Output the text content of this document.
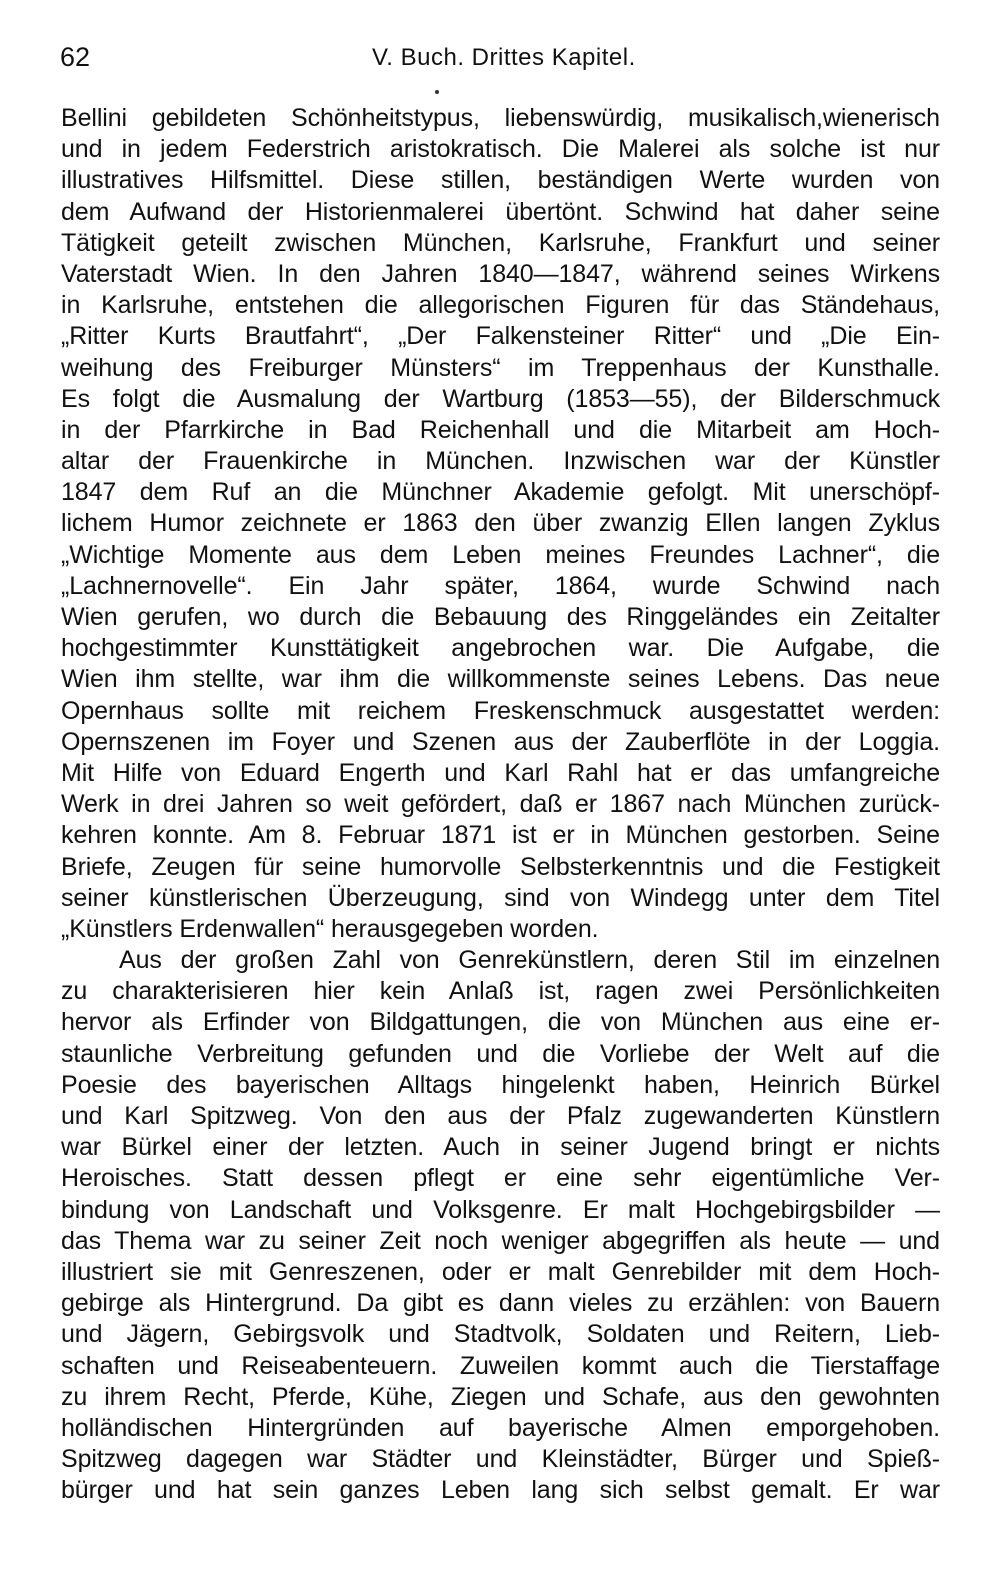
62	V. Buch. Drittes Kapitel.
Bellini gebildeten Schönheitstypus, liebenswürdig, musikalisch,wienerisch
und in jedem Federstrich aristokratisch. Die Malerei als solche ist nur
illustratives Hilfsmittel. Diese stillen, beständigen Werte wurden von
dem Aufwand der Historienmalerei übertönt. Schwind hat daher seine
Tätigkeit geteilt zwischen München, Karlsruhe, Frankfurt und seiner
Vaterstadt Wien. In den Jahren 1840—1847, während seines Wirkens
in Karlsruhe, entstehen die allegorischen Figuren für das Ständehaus,
„Ritter Kurts Brautfahrt“, „Der Falkensteiner Ritter“ und „Die Ein-
weihung des Freiburger Münsters“ im Treppenhaus der Kunsthalle.
Es folgt die Ausmalung der Wartburg (1853—55), der Bilderschmuck
in der Pfarrkirche in Bad Reichenhall und die Mitarbeit am Hoch-
altar der Frauenkirche in München. Inzwischen war der Künstler
1847 dem Ruf an die Münchner Akademie gefolgt. Mit unerschöpf-
lichem Humor zeichnete er 1863 den über zwanzig Ellen langen Zyklus
„Wichtige Momente aus dem Leben meines Freundes Lachner“, die
„Lachnernovelle“. Ein Jahr später, 1864, wurde Schwind nach
Wien gerufen, wo durch die Bebauung des Ringgeländes ein Zeitalter
hochgestimmter Kunsttätigkeit angebrochen war. Die Aufgabe, die
Wien ihm stellte, war ihm die willkommenste seines Lebens. Das neue
Opernhaus sollte mit reichem Freskenschmuck ausgestattet werden:
Opernszenen im Foyer und Szenen aus der Zauberflöte in der Loggia.
Mit Hilfe von Eduard Engerth und Karl Rahl hat er das umfangreiche
Werk in drei Jahren so weit gefördert, daß er 1867 nach München zurück-
kehren konnte. Am 8. Februar 1871 ist er in München gestorben. Seine
Briefe, Zeugen für seine humorvolle Selbsterkenntnis und die Festigkeit
seiner künstlerischen Überzeugung, sind von Windegg unter dem Titel
„Künstlers Erdenwallen“ herausgegeben worden.
Aus der großen Zahl von Genrekünstlern, deren Stil im einzelnen
zu charakterisieren hier kein Anlaß ist, ragen zwei Persönlichkeiten
hervor als Erfinder von Bildgattungen, die von München aus eine er-
staunliche Verbreitung gefunden und die Vorliebe der Welt auf die
Poesie des bayerischen Alltags hingelenkt haben, Heinrich Bürkel
und Karl Spitzweg. Von den aus der Pfalz zugewanderten Künstlern
war Bürkel einer der letzten. Auch in seiner Jugend bringt er nichts
Heroisches. Statt dessen pflegt er eine sehr eigentümliche Ver-
bindung von Landschaft und Volksgenre. Er malt Hochgebirgsbilder —
das Thema war zu seiner Zeit noch weniger abgegriffen als heute — und
illustriert sie mit Genreszenen, oder er malt Genrebilder mit dem Hoch-
gebirge als Hintergrund. Da gibt es dann vieles zu erzählen: von Bauern
und Jägern, Gebirgsvolk und Stadtvolk, Soldaten und Reitern, Lieb-
schaften und Reiseabenteuern. Zuweilen kommt auch die Tierstaffage
zu ihrem Recht, Pferde, Kühe, Ziegen und Schafe, aus den gewohnten
holländischen Hintergründen auf bayerische Almen emporgehoben.
Spitzweg dagegen war Städter und Kleinstädter, Bürger und Spieß-
bürger und hat sein ganzes Leben lang sich selbst gemalt. Er war
